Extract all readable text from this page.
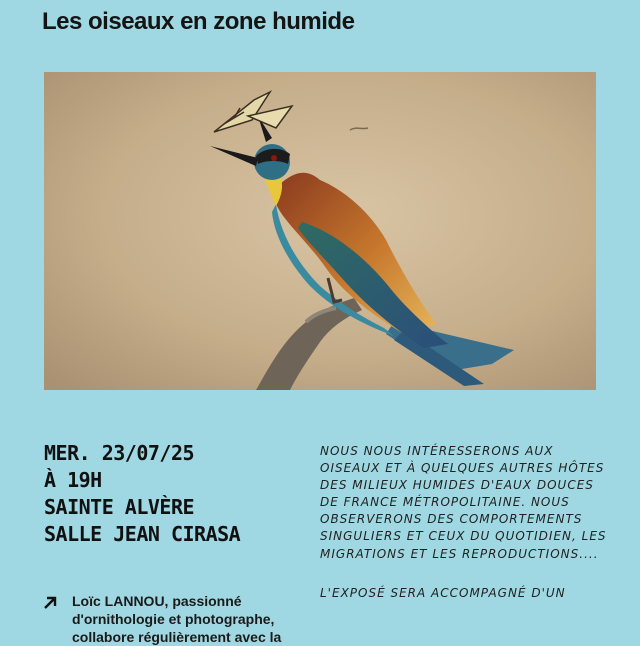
Les oiseaux en zone humide
MER. 23/07/25
À 19H
SAINTE ALVÈRE
SALLE JEAN CIRASA

NOUS NOUS INTÉRESSERONS AUX OISEAUX ET À QUELQUES AUTRES HÔTES DES MILIEUX HUMIDES D'EAUX DOUCES DE FRANCE MÉTROPOLITAINE. NOUS OBSERVERONS DES COMPORTEMENTS SINGULIERS ET CEUX DU QUOTIDIEN, LES MIGRATIONS ET LES REPRODUCTIONS....

L'EXPOSÉ SERA ACCOMPAGNÉ D'UN

Loïc LANNOU, passionné d'ornithologie et photographe, collabore régulièrement avec la
